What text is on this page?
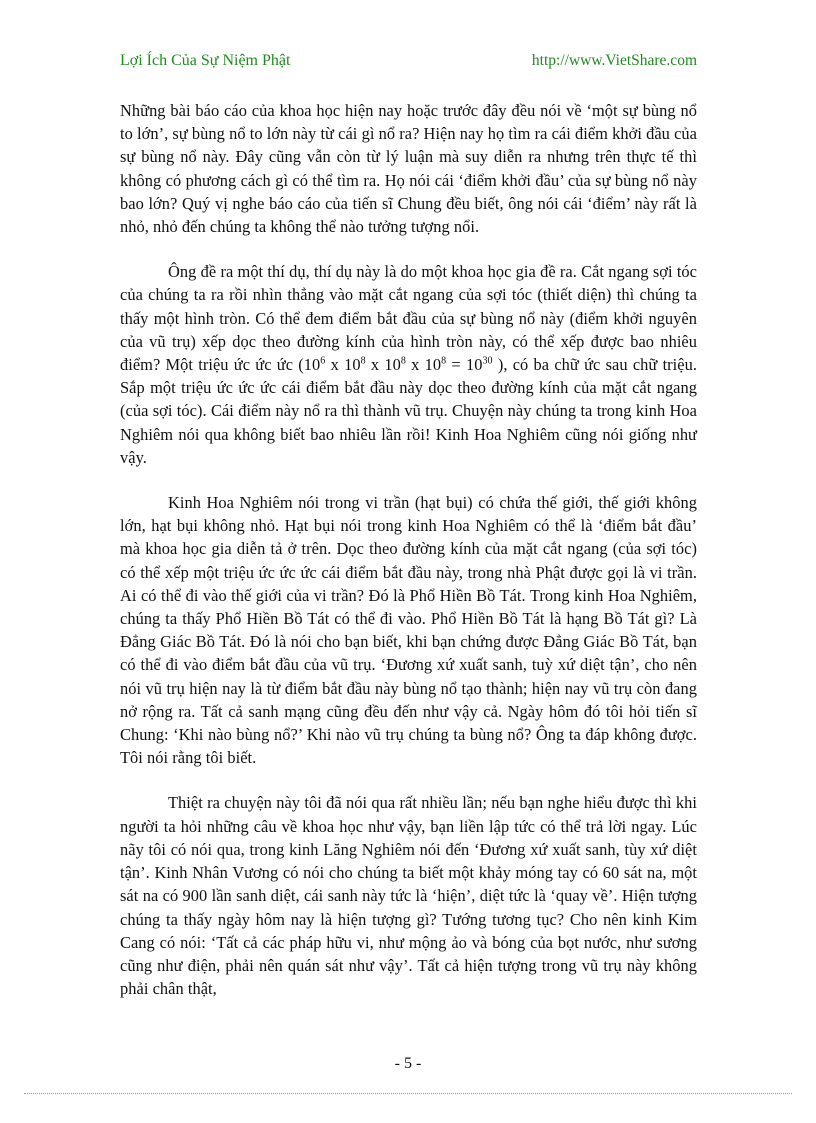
Lợi Ích Của Sự Niệm Phật	http://www.VietShare.com

Những bài báo cáo của khoa học hiện nay hoặc trước đây đều nói về ‘một sự bùng nổ to lớn’, sự bùng nổ to lớn này từ cái gì nổ ra? Hiện nay họ tìm ra cái điểm khởi đầu của sự bùng nổ này. Đây cũng vẫn còn từ lý luận mà suy diễn ra nhưng trên thực tế thì không có phương cách gì có thể tìm ra. Họ nói cái ‘điểm khởi đầu’ của sự bùng nổ này bao lớn? Quý vị nghe báo cáo của tiến sĩ Chung đều biết, ông nói cái ‘điểm’ này rất là nhỏ, nhỏ đến chúng ta không thể nào tưởng tượng nổi.

Ông đề ra một thí dụ, thí dụ này là do một khoa học gia đề ra. Cắt ngang sợi tóc của chúng ta ra rồi nhìn thẳng vào mặt cắt ngang của sợi tóc (thiết diện) thì chúng ta thấy một hình tròn. Có thể đem điểm bắt đầu của sự bùng nổ này (điểm khởi nguyên của vũ trụ) xếp dọc theo đường kính của hình tròn này, có thể xếp được bao nhiêu điểm? Một triệu ức ức ức ($10^6$ x $10^8$ x $10^8$ x $10^8 = 10^{30}$ ), có ba chữ ức sau chữ triệu. Sắp một triệu ức ức ức cái điểm bắt đầu này dọc theo đường kính của mặt cắt ngang (của sợi tóc). Cái điểm này nổ ra thì thành vũ trụ. Chuyện này chúng ta trong kinh Hoa Nghiêm nói qua không biết bao nhiêu lần rồi! Kinh Hoa Nghiêm cũng nói giống như vậy.

Kinh Hoa Nghiêm nói trong vi trần (hạt bụi) có chứa thế giới, thế giới không lớn, hạt bụi không nhỏ. Hạt bụi nói trong kinh Hoa Nghiêm có thể là ‘điểm bắt đầu’ mà khoa học gia diễn tả ở trên. Dọc theo đường kính của mặt cắt ngang (của sợi tóc) có thể xếp một triệu ức ức ức cái điểm bắt đầu này, trong nhà Phật được gọi là vi trần. Ai có thể đi vào thế giới của vi trần? Đó là Phổ Hiền Bồ Tát. Trong kinh Hoa Nghiêm, chúng ta thấy Phổ Hiền Bồ Tát có thể đi vào. Phổ Hiền Bồ Tát là hạng Bồ Tát gì? Là Đẳng Giác Bồ Tát. Đó là nói cho bạn biết, khi bạn chứng được Đẳng Giác Bồ Tát, bạn có thể đi vào điểm bắt đầu của vũ trụ. ‘Đương xứ xuất sanh, tuỳ xứ diệt tận’, cho nên nói vũ trụ hiện nay là từ điểm bắt đầu này bùng nổ tạo thành; hiện nay vũ trụ còn đang nở rộng ra. Tất cả sanh mạng cũng đều đến như vậy cả. Ngày hôm đó tôi hỏi tiến sĩ Chung: ‘Khi nào bùng nổ?’ Khi nào vũ trụ chúng ta bùng nổ? Ông ta đáp không được. Tôi nói rằng tôi biết.

Thiệt ra chuyện này tôi đã nói qua rất nhiều lần; nếu bạn nghe hiểu được thì khi người ta hỏi những câu về khoa học như vậy, bạn liền lập tức có thể trả lời ngay. Lúc nãy tôi có nói qua, trong kinh Lăng Nghiêm nói đến ‘Đương xứ xuất sanh, tùy xứ diệt tận’. Kinh Nhân Vương có nói cho chúng ta biết một khảy móng tay có 60 sát na, một sát na có 900 lần sanh diệt, cái sanh này tức là ‘hiện’, diệt tức là ‘quay về’. Hiện tượng chúng ta thấy ngày hôm nay là hiện tượng gì? Tướng tương tục? Cho nên kinh Kim Cang có nói: ‘Tất cả các pháp hữu vi, như mộng ảo và bóng của bọt nước, như sương cũng như điện, phải nên quán sát như vậy’. Tất cả hiện tượng trong vũ trụ này không phải chân thật,

- 5 -
